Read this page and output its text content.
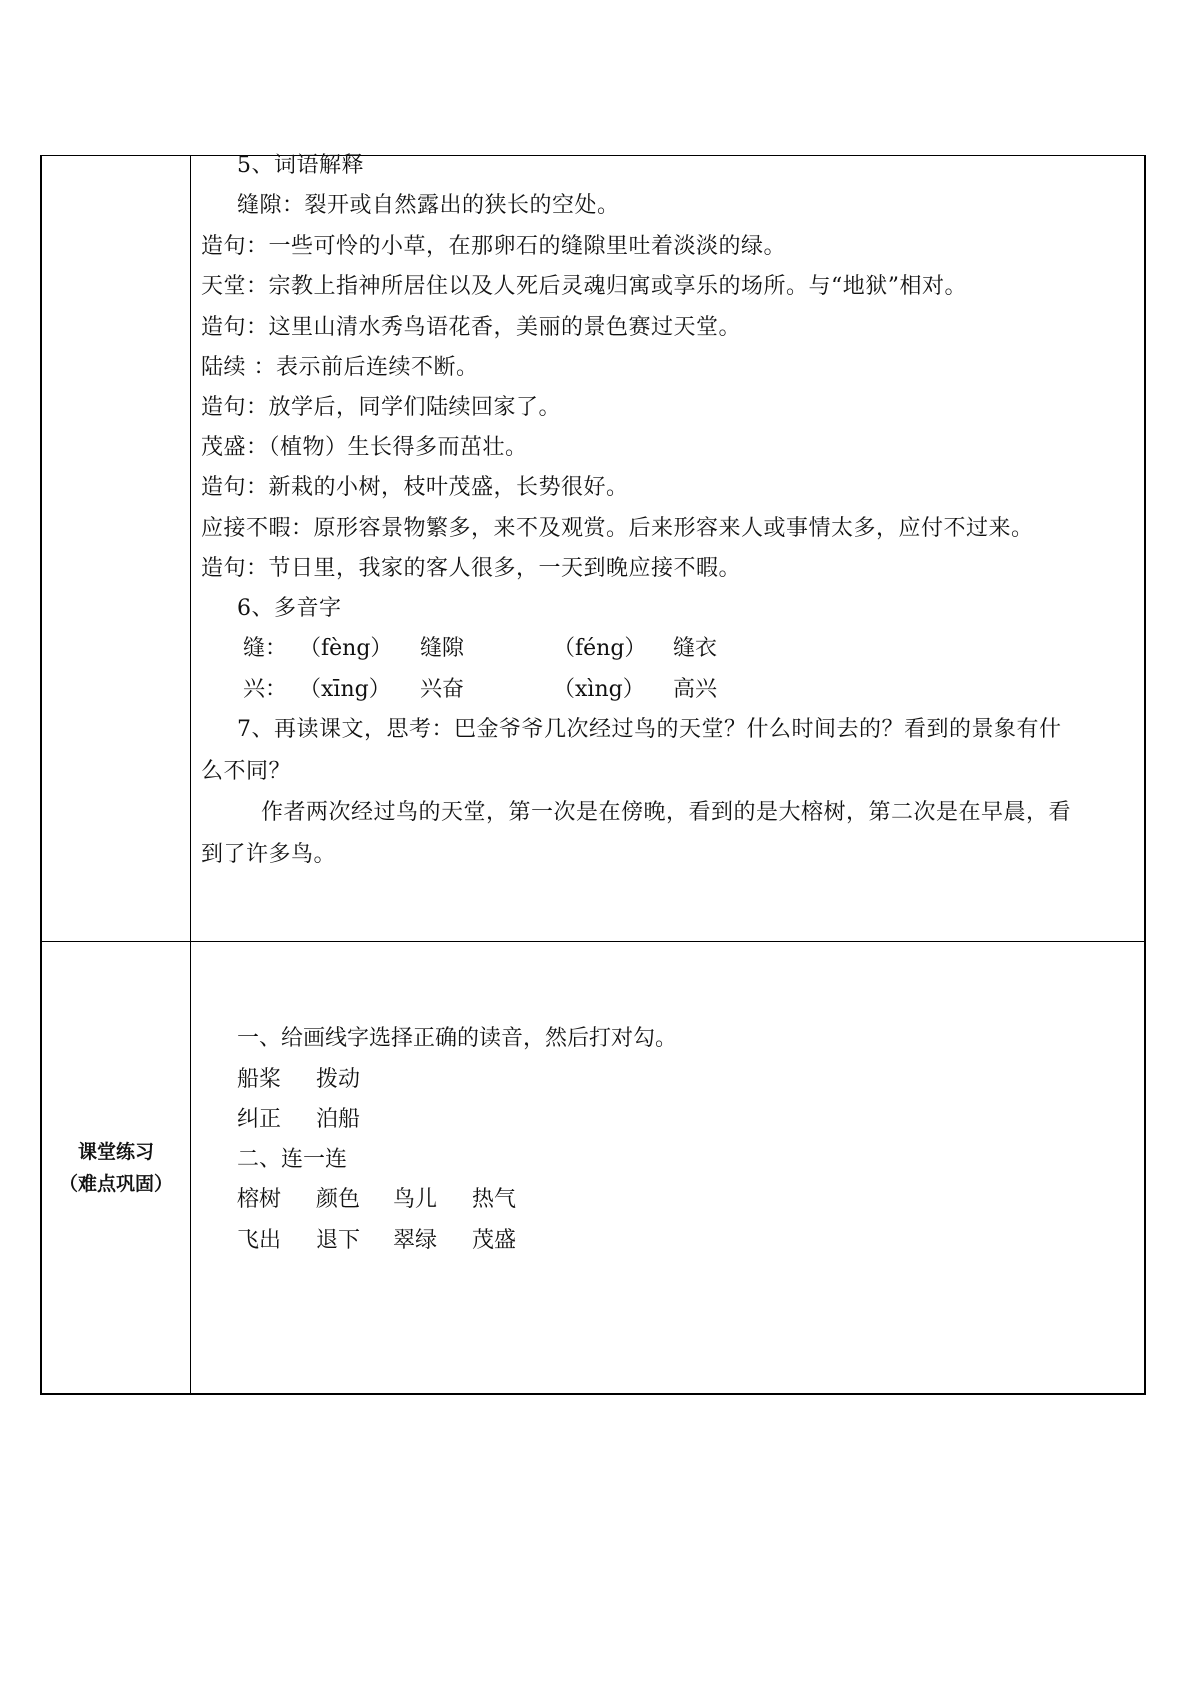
5、词语解释
缝隙：裂开或自然露出的狭长的空处。
造句：一些可怜的小草，在那卵石的缝隙里吐着淡淡的绿。
天堂：宗教上指神所居住以及人死后灵魂归寓或享乐的场所。与“地狱”相对。
造句：这里山清水秀鸟语花香，美丽的景色赛过天堂。
陆续 ：表示前后连续不断。
造句：放学后，同学们陆续回家了。
茂盛：（植物）生长得多而茁壮。
造句：新栽的小树，枝叶茂盛，长势很好。
应接不暇：原形容景物繁多，来不及观赏。后来形容来人或事情太多，应付不过来。
造句：节日里，我家的客人很多，一天到晚应接不暇。
6、多音字
缝： （fèng） 缝隙	（féng） 缝衣
兴： （xīng） 兴奋	（xìng） 高兴
7、再读课文，思考：巴金爷爷几次经过鸟的天堂？什么时间去的？看到的景象有什
么不同？
作者两次经过鸟的天堂，第一次是在傍晚，看到的是大榕树，第二次是在早晨，看
到了许多鸟。
课堂练习
（难点巩固）
一、给画线字选择正确的读音，然后打对勾。
船桨 拨动
纠正 泊船
二、连一连
榕树 颜色 鸟儿 热气
飞出 退下 翠绿 茂盛
